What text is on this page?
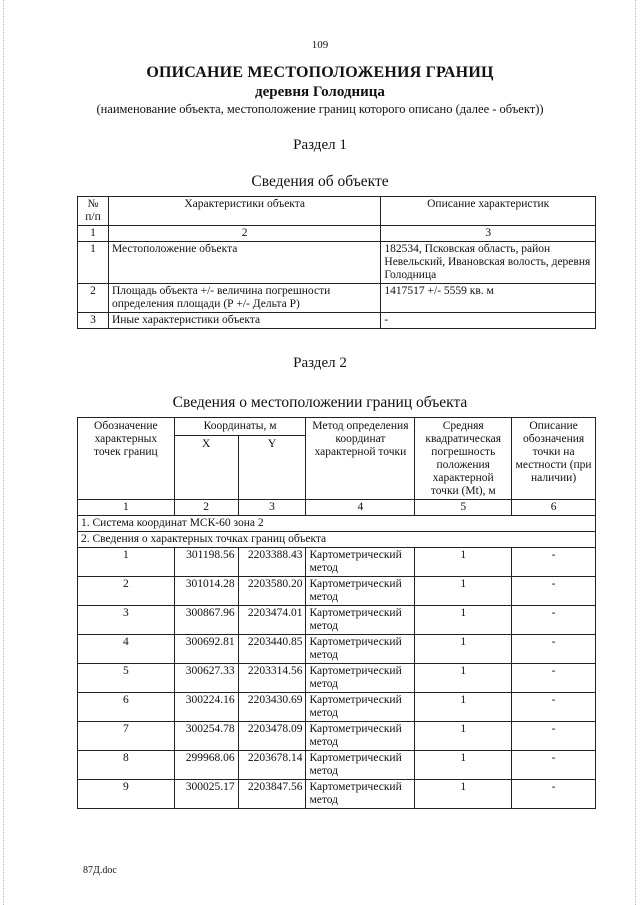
109
ОПИСАНИЕ МЕСТОПОЛОЖЕНИЯ ГРАНИЦ
деревня Голодница
(наименование объекта, местоположение границ которого описано (далее - объект))
Раздел 1
Сведения об объекте
№
п/п	Характеристики объекта	Описание характеристик
1	2	3
1	Местоположение объекта	182534, Псковская область, район Невельский, Ивановская волость, деревня Голодница
2	Площадь объекта +/- величина погрешности определения площади (Р +/- Дельта Р)	1417517 +/- 5559 кв. м
3	Иные характеристики объекта	-
Раздел 2
Сведения о местоположении границ объекта
Обозначение характерных точек границ	Координаты, м		Метод определения координат характерной точки	Средняя квадратическая погрешность положения характерной точки (Mt), м	Описание обозначения точки на местности (при наличии)
	X	Y			
1	2	3	4	5	6
1. Система координат МСК-60 зона 2					
2. Сведения о характерных точках границ объекта					
1	301198.56	2203388.43	Картометрический метод	1	-
2	301014.28	2203580.20	Картометрический метод	1	-
3	300867.96	2203474.01	Картометрический метод	1	-
4	300692.81	2203440.85	Картометрический метод	1	-
5	300627.33	2203314.56	Картометрический метод	1	-
6	300224.16	2203430.69	Картометрический метод	1	-
7	300254.78	2203478.09	Картометрический метод	1	-
8	299968.06	2203678.14	Картометрический метод	1	-
9	300025.17	2203847.56	Картометрический метод	1	-
87Д.doc
